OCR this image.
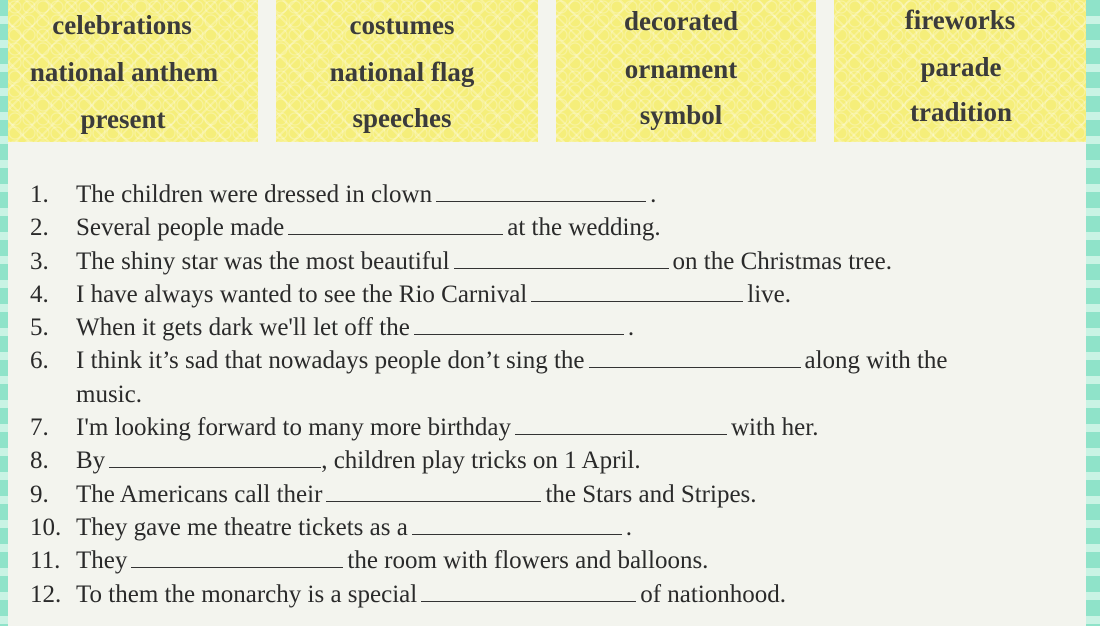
celebrations	costumes	decorated	fireworks
national anthem	national flag	ornament	parade
present	speeches	symbol	tradition
1. The children were dressed in clown	.
2. Several people made	at the wedding.
3. The shiny star was the most beautiful	on the Christmas tree.
4. I have always wanted to see the Rio Carnival	live.
5. When it gets dark we'll let off the	.
6. I think it’s sad that nowadays people don’t sing the	along with the
music.
7. I'm looking forward to many more birthday	with her.
8. By	, children play tricks on 1 April.
9. The Americans call their	the Stars and Stripes.
10. They gave me theatre tickets as a	.
11. They	the room with flowers and balloons.
12. To them the monarchy is a special	of nationhood.
